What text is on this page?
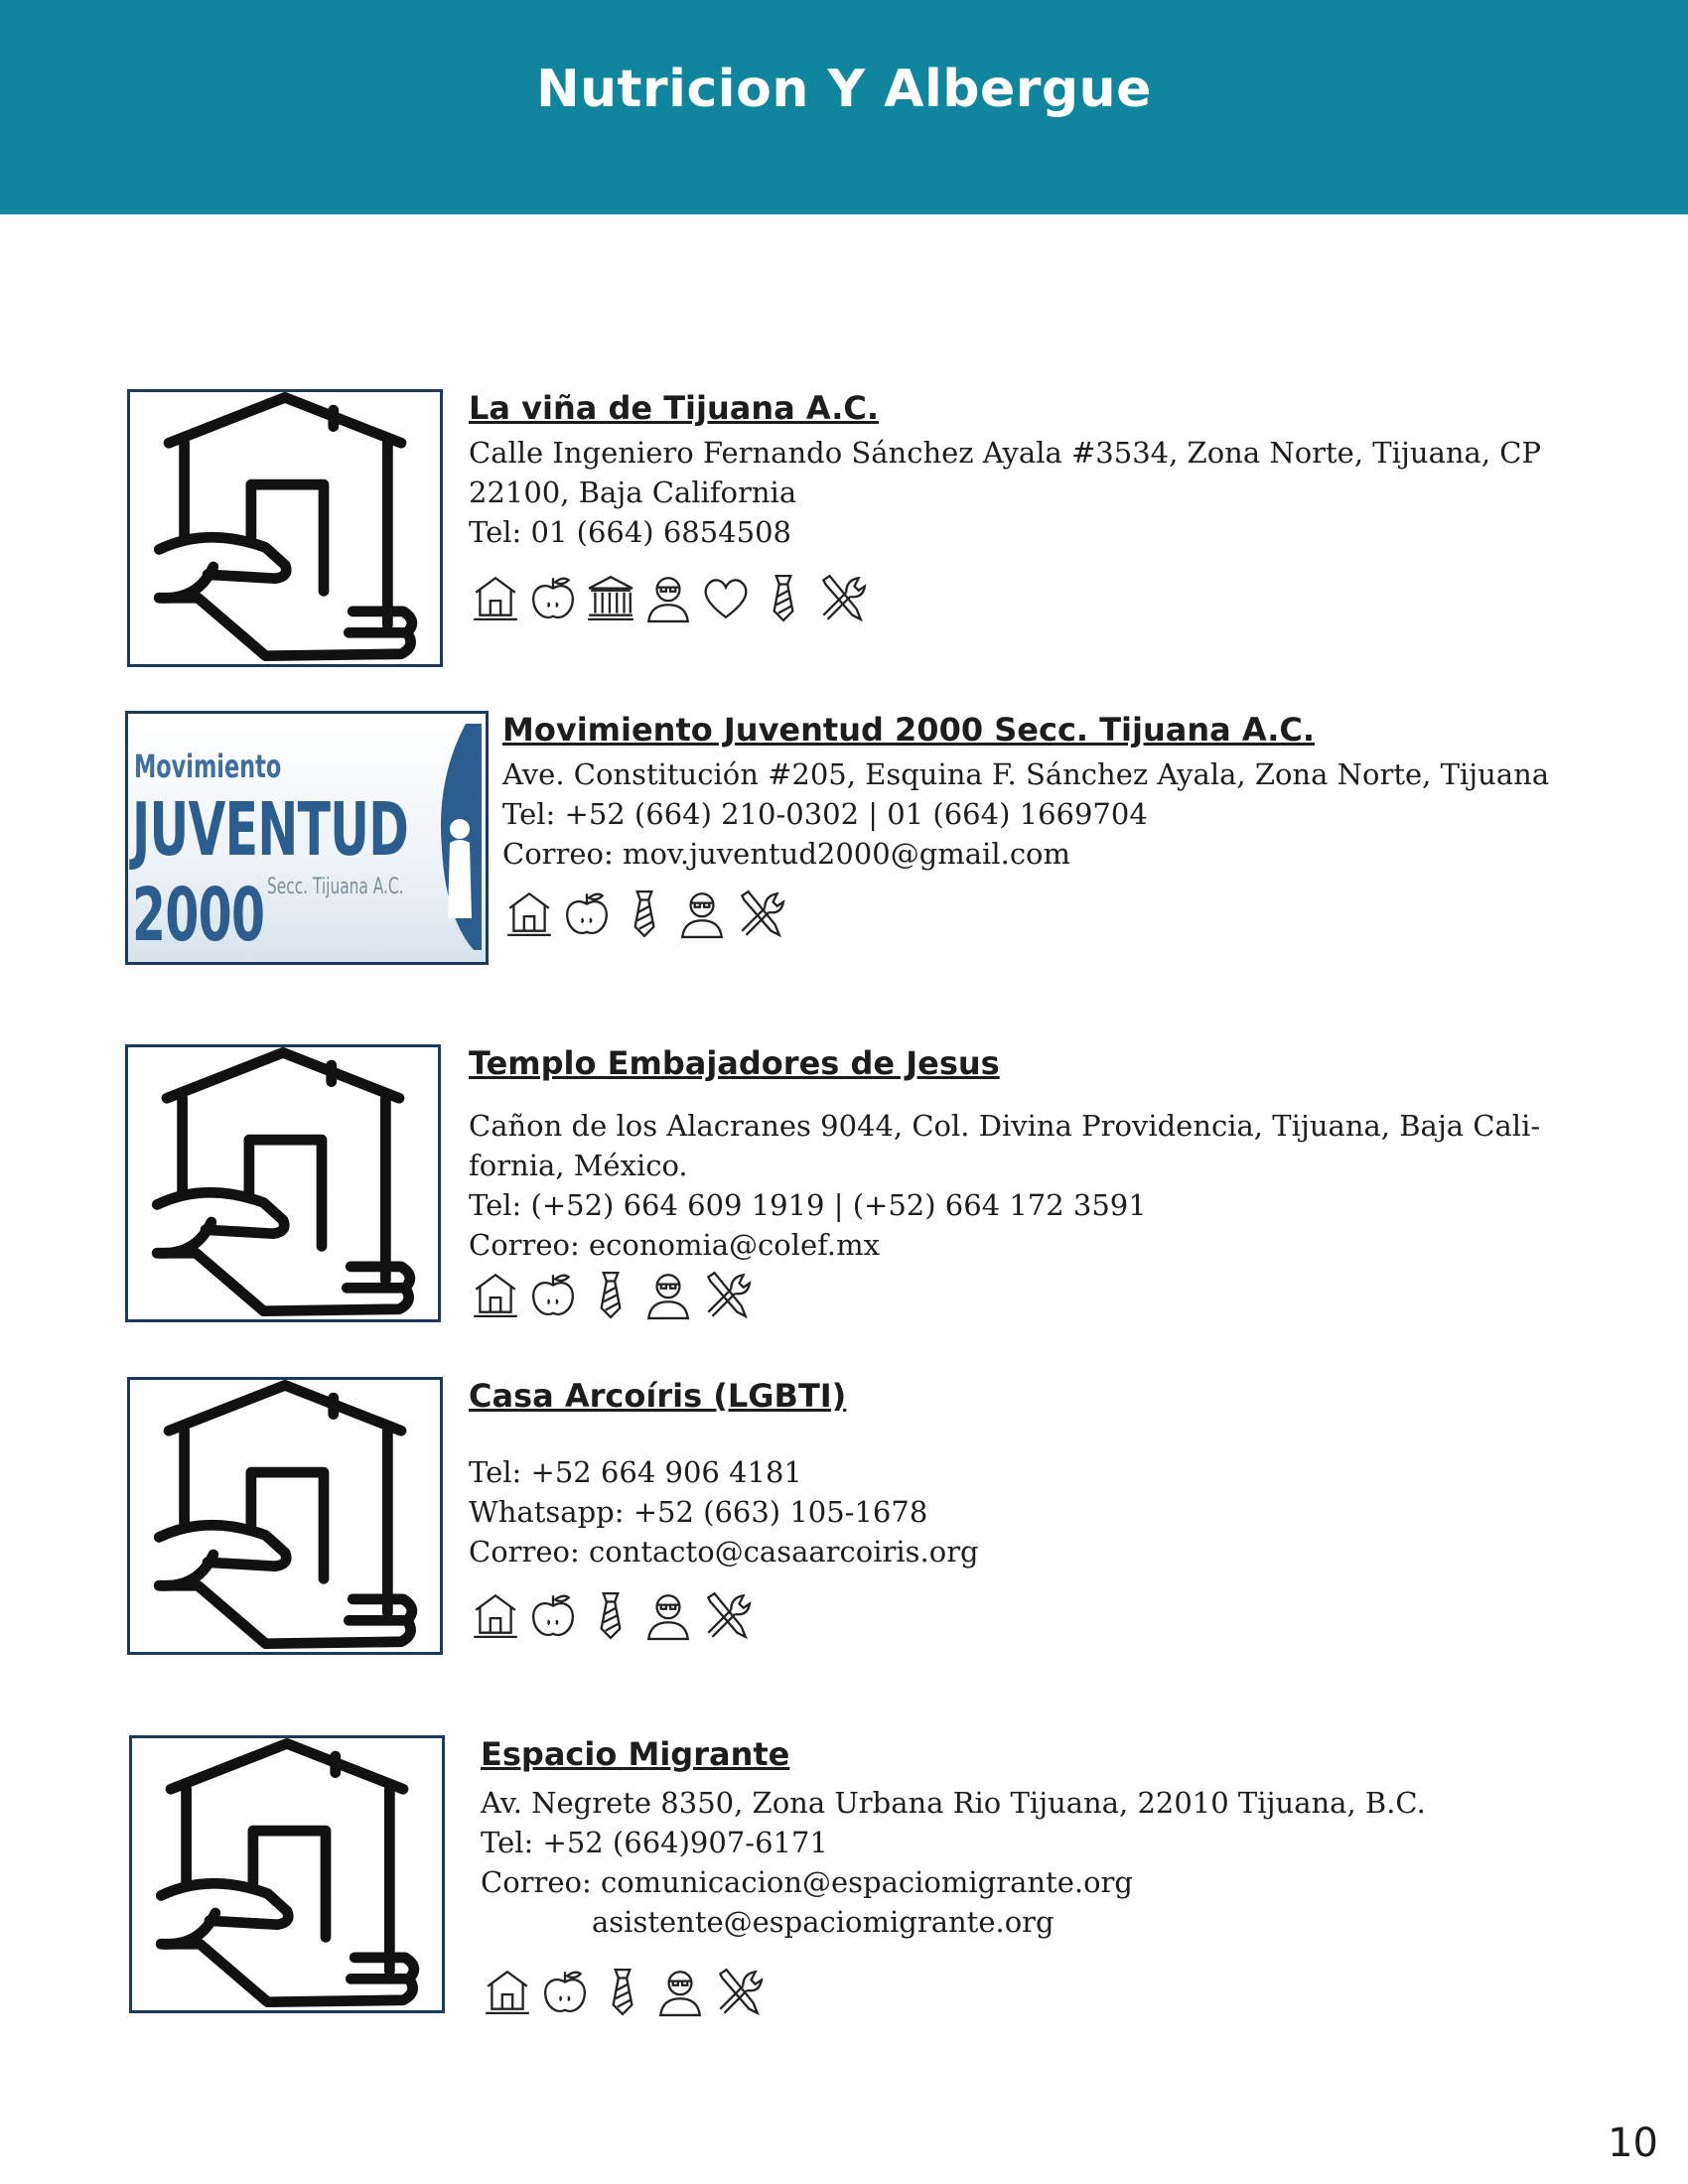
Nutricion Y Albergue
La viña de Tijuana A.C.
Calle Ingeniero Fernando Sánchez Ayala #3534, Zona Norte, Tijuana, CP
22100, Baja California
Tel: 01 (664) 6854508
Movimiento
JUVENTUD 2000 Secc. Tijuana A.C.
Movimiento Juventud 2000 Secc. Tijuana A.C.
Ave. Constitución #205, Esquina F. Sánchez Ayala, Zona Norte, Tijuana
Tel: +52 (664) 210-0302 | 01 (664) 1669704
Correo: mov.juventud2000@gmail.com
Templo Embajadores de Jesus
Cañon de los Alacranes 9044, Col. Divina Providencia, Tijuana, Baja Cali-
fornia, México.
Tel: (+52) 664 609 1919 | (+52) 664 172 3591
Correo: economia@colef.mx
Casa Arcoíris (LGBTI)
Tel: +52 664 906 4181
Whatsapp: +52 (663) 105-1678
Correo: contacto@casaarcoiris.org
Espacio Migrante
Av. Negrete 8350, Zona Urbana Rio Tijuana, 22010 Tijuana, B.C.
Tel: +52 (664)907-6171
Correo: comunicacion@espaciomigrante.org
asistente@espaciomigrante.org
10
